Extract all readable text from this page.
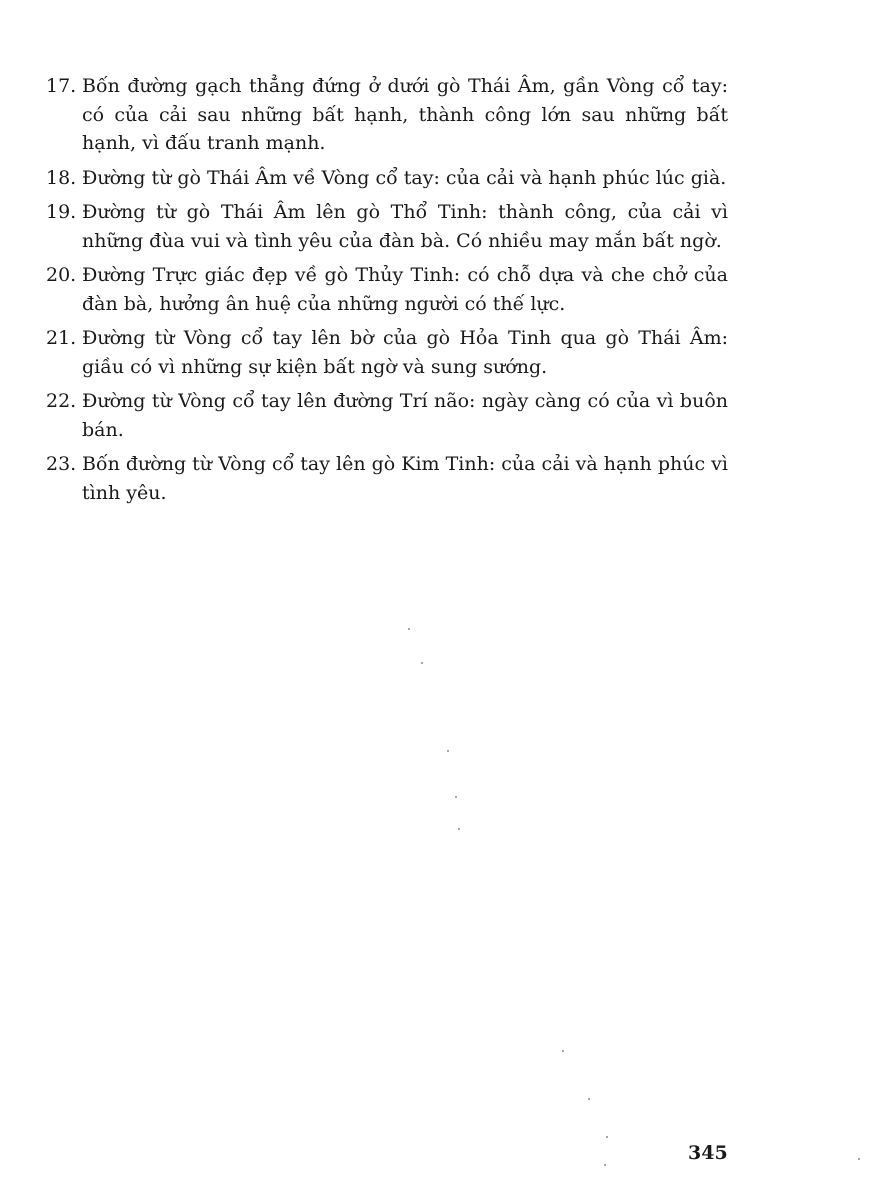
17. Bốn đường gạch thẳng đứng ở dưới gò Thái Âm, gần Vòng cổ tay: có của cải sau những bất hạnh, thành công lớn sau những bất hạnh, vì đấu tranh mạnh.
18. Đường từ gò Thái Âm về Vòng cổ tay: của cải và hạnh phúc lúc già.
19. Đường từ gò Thái Âm lên gò Thổ Tinh: thành công, của cải vì những đùa vui và tình yêu của đàn bà. Có nhiều may mắn bất ngờ.
20. Đường Trực giác đẹp về gò Thủy Tinh: có chỗ dựa và che chở của đàn bà, hưởng ân huệ của những người có thế lực.
21. Đường từ Vòng cổ tay lên bờ của gò Hỏa Tinh qua gò Thái Âm: giầu có vì những sự kiện bất ngờ và sung sướng.
22. Đường từ Vòng cổ tay lên đường Trí não: ngày càng có của vì buôn bán.
23. Bốn đường từ Vòng cổ tay lên gò Kim Tinh: của cải và hạnh phúc vì tình yêu.
345
